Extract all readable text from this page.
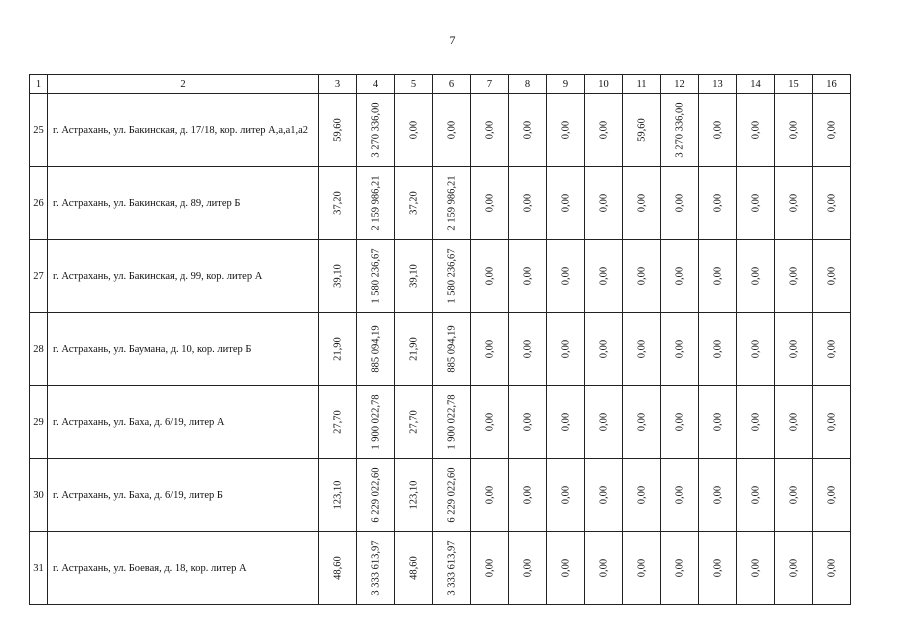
7
1	2	3	4	5	6	7	8	9	10	11	12	13	14	15	16
25	г. Астрахань, ул. Бакинская, д. 17/18, кор. литер А,а,а1,а2	59,60	3 270 336,00	0,00	0,00	0,00	0,00	0,00	0,00	59,60	3 270 336,00	0,00	0,00	0,00	0,00

26	г. Астрахань, ул. Бакинская, д. 89, литер Б	37,20	2 159 986,21	37,20	2 159 986,21	0,00	0,00	0,00	0,00	0,00	0,00	0,00	0,00	0,00	0,00

27	г. Астрахань, ул. Бакинская, д. 99, кор. литер А	39,10	1 580 236,67	39,10	1 580 236,67	0,00	0,00	0,00	0,00	0,00	0,00	0,00	0,00	0,00	0,00

28	г. Астрахань, ул. Баумана, д. 10, кор. литер Б	21,90	885 094,19	21,90	885 094,19	0,00	0,00	0,00	0,00	0,00	0,00	0,00	0,00	0,00	0,00

29	г. Астрахань, ул. Баха, д. 6/19, литер А	27,70	1 900 022,78	27,70	1 900 022,78	0,00	0,00	0,00	0,00	0,00	0,00	0,00	0,00	0,00	0,00

30	г. Астрахань, ул. Баха, д. 6/19, литер Б	123,10	6 229 022,60	123,10	6 229 022,60	0,00	0,00	0,00	0,00	0,00	0,00	0,00	0,00	0,00	0,00

31	г. Астрахань, ул. Боевая, д. 18, кор. литер А	48,60	3 333 613,97	48,60	3 333 613,97	0,00	0,00	0,00	0,00	0,00	0,00	0,00	0,00	0,00	0,00
